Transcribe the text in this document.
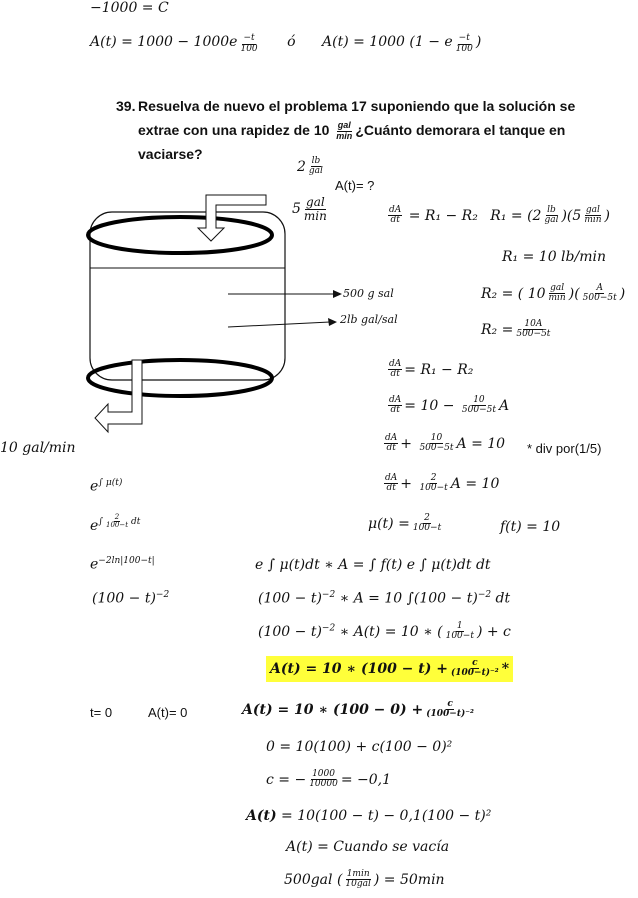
−1000 = C
$A(t) = 1000 - 1000e \frac{-t}{100}$ ó A(t) = 1000 (1 − e $\frac{-t}{100}$ )
39. Resuelva de nuevo el problema 17 suponiendo que la solución se
extrae con una rapidez de $10 \frac{\text{gal}}{\min}$ ¿Cuánto demorara el tanque en
vaciarse?
$2 \frac{lb}{\text{gal}}$
A(t)= ?
$5 \frac{\text{gal}}{\min}$
500 g sal
2lb gal/sal
10 gal/min
$\frac{dA}{dt} = R_1 - R_2$ $R_1 = (2 \frac{lb}{\text{gal}} )(5 \frac{\text{gal}}{\min}$ )
R₁ = 10 lb/min
R₂ = ( $10 \frac{\text{gal}}{\min}$ )( $\frac{A}{500-5t}$ )
$R_2 = \frac{10A}{500-5t}$
$\frac{dA}{dt} = R_1 - R_2$
$\frac{dA}{dt} = 10 - \frac{10}{500-5t}$ A
$\frac{dA}{dt} + \frac{10}{500-5t}$ A = 10 * div por(1/5)
$\frac{dA}{dt} + \frac{2}{100-t}$ A = 10
$\mu(t) = \frac{2}{100-t}$	f(t) = 10
$e^{\int \mu(t)}$
$e^{\int \frac{2}{100-t} dt}$
$e^{-2ln|100-t|}$
$(100 - t)^{-2}$
e ∫ μ(t)dt ∗ A = ∫ f(t) e ∫ μ(t)dt dt
$(100 - t)^{-2}$ ∗ A = 10 $\int(100 - t)^{-2}$ dt
$(100 - t)^{-2}$ ∗ A(t) = 10 ∗ ( $\frac{1}{100-t}$ ) + c
A(t) = 10 ∗ $(100 - t) + \frac{c}{\text{(100−t)⁻²}}$ *
t= 0	A(t)= 0	A(t) = 10 ∗ $(100 - 0) + \frac{c}{\text{(100−t)⁻²}}$
0 = 10(100) + c(100 − 0)²
c = − $\frac{1000}{10000} = -0,1$
A(t) = 10(100 − t) − 0,1(100 − t)²
A(t) = Cuando se vacía
500gal ( $\frac{1\min}{\text{10gal}}$ ) = 50min
